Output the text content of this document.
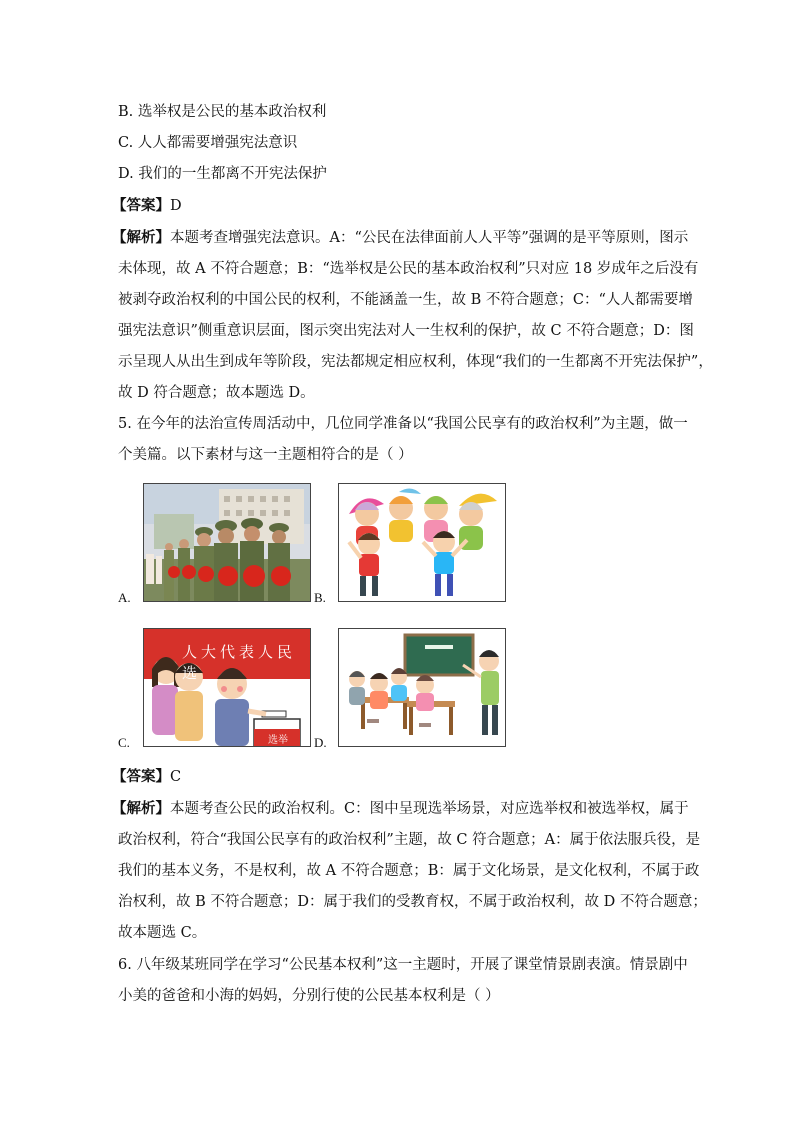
B. 选举权是公民的基本政治权利
C. 人人都需要增强宪法意识
D. 我们的一生都离不开宪法保护
【答案】D
【解析】本题考查增强宪法意识。A：“公民在法律面前人人平等”强调的是平等原则，图示
未体现，故 A 不符合题意；B：“选举权是公民的基本政治权利”只对应 18 岁成年之后没有
被剥夺政治权利的中国公民的权利，不能涵盖一生，故 B 不符合题意；C：“人人都需要增
强宪法意识”侧重意识层面，图示突出宪法对人一生权利的保护，故 C 不符合题意；D：图
示呈现人从出生到成年等阶段，宪法都规定相应权利，体现“我们的一生都离不开宪法保护”，
故 D 符合题意；故本题选 D。
5. 在今年的法治宣传周活动中，几位同学准备以“我国公民享有的政治权利”为主题，做一
个美篇。以下素材与这一主题相符合的是（ ）
A.	B.
人大代表人民选
选举
C.	D.
【答案】C
【解析】本题考查公民的政治权利。C：图中呈现选举场景，对应选举权和被选举权，属于
政治权利，符合“我国公民享有的政治权利”主题，故 C 符合题意；A：属于依法服兵役，是
我们的基本义务，不是权利，故 A 不符合题意；B：属于文化场景，是文化权利，不属于政
治权利，故 B 不符合题意；D：属于我们的受教育权，不属于政治权利，故 D 不符合题意；
故本题选 C。
6. 八年级某班同学在学习“公民基本权利”这一主题时，开展了课堂情景剧表演。情景剧中
小美的爸爸和小海的妈妈，分别行使的公民基本权利是（ ）
